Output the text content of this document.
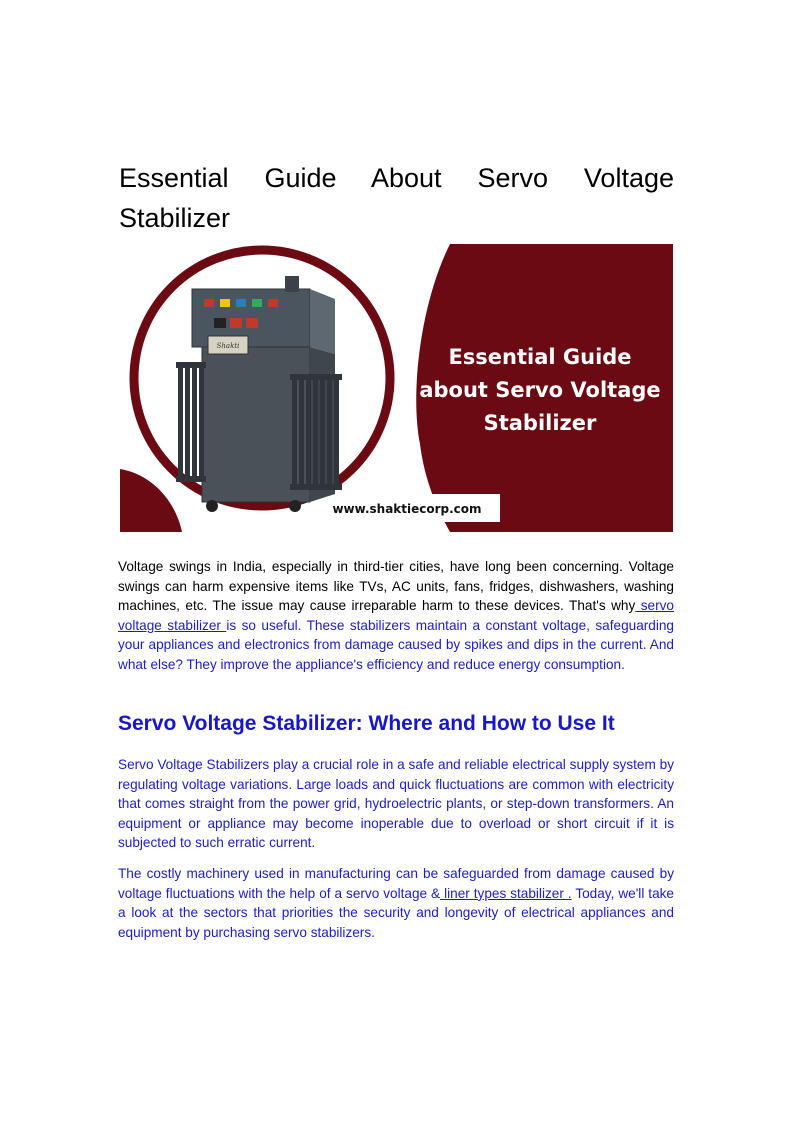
Essential Guide About Servo Voltage Stabilizer
Shakti	Essential Guide
about Servo Voltage
Stabilizer
www.shaktiecorp.com

Voltage swings in India, especially in third-tier cities, have long been concerning. Voltage swings can harm expensive items like TVs, AC units, fans, fridges, dishwashers, washing machines, etc. The issue may cause irreparable harm to these devices. That's why servo voltage stabilizer is so useful. These stabilizers maintain a constant voltage, safeguarding your appliances and electronics from damage caused by spikes and dips in the current. And what else? They improve the appliance's efficiency and reduce energy consumption.

Servo Voltage Stabilizer: Where and How to Use It

Servo Voltage Stabilizers play a crucial role in a safe and reliable electrical supply system by regulating voltage variations. Large loads and quick fluctuations are common with electricity that comes straight from the power grid, hydroelectric plants, or step-down transformers. An equipment or appliance may become inoperable due to overload or short circuit if it is subjected to such erratic current.

The costly machinery used in manufacturing can be safeguarded from damage caused by voltage fluctuations with the help of a servo voltage & liner types stabilizer . Today, we'll take a look at the sectors that priorities the security and longevity of electrical appliances and equipment by purchasing servo stabilizers.
